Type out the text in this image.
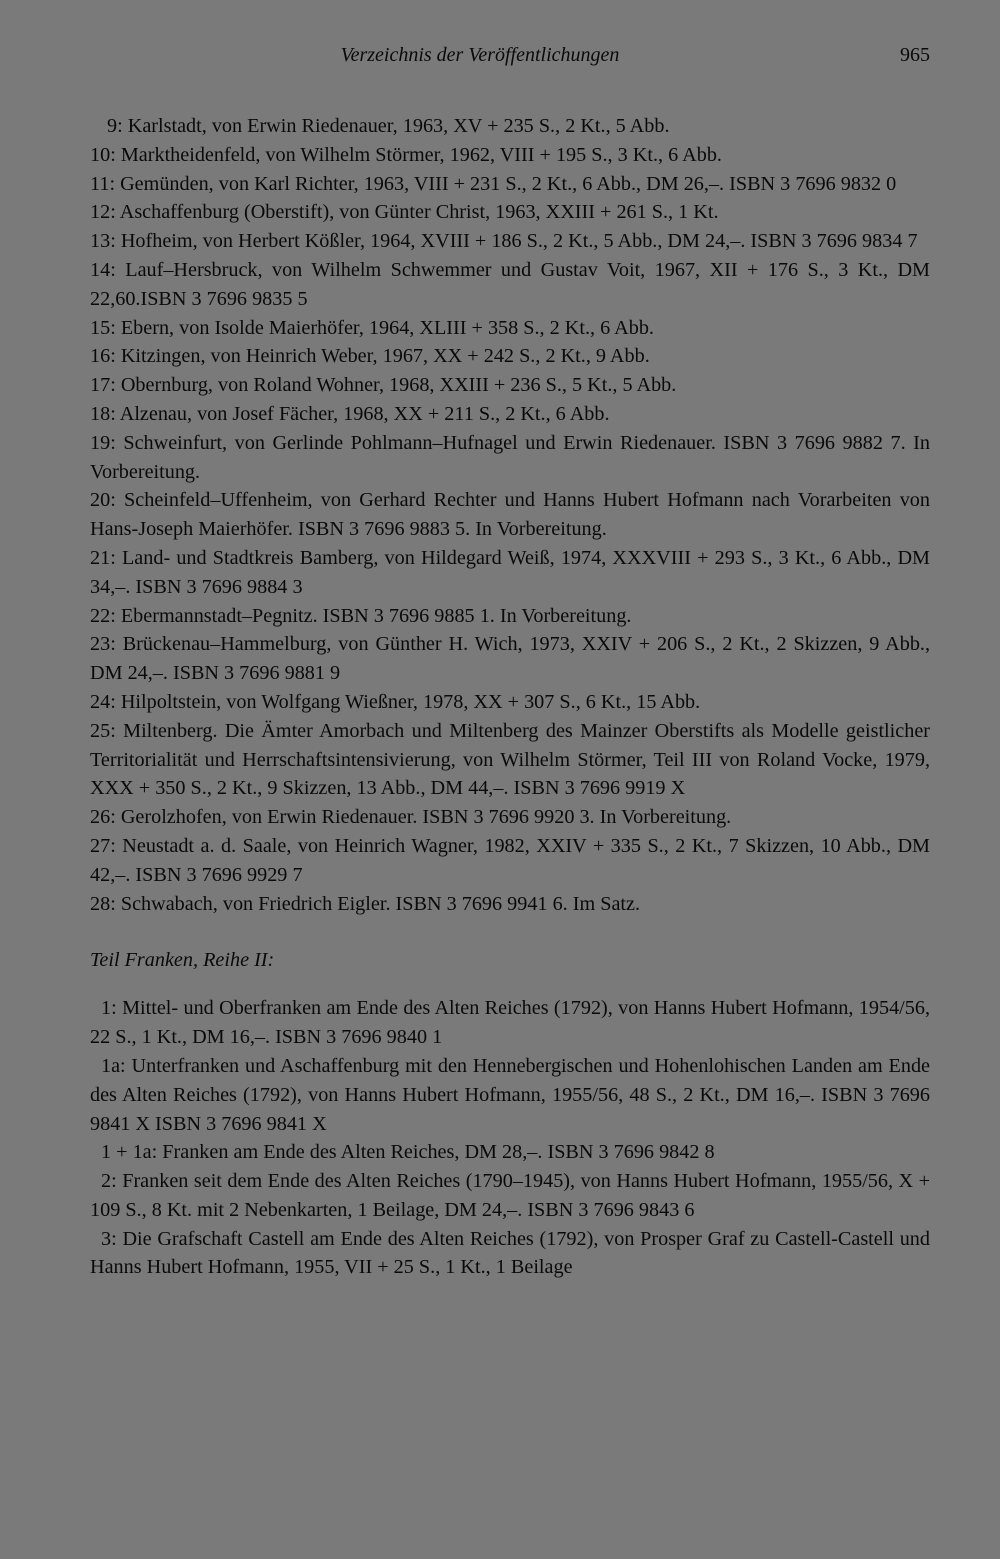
Verzeichnis der Veröffentlichungen	965

9: Karlstadt, von Erwin Riedenauer, 1963, XV + 235 S., 2 Kt., 5 Abb.

10: Marktheidenfeld, von Wilhelm Störmer, 1962, VIII + 195 S., 3 Kt., 6 Abb.

11: Gemünden, von Karl Richter, 1963, VIII + 231 S., 2 Kt., 6 Abb., DM 26,–. ISBN 3 7696 9832 0

12: Aschaffenburg (Oberstift), von Günter Christ, 1963, XXIII + 261 S., 1 Kt.

13: Hofheim, von Herbert Kößler, 1964, XVIII + 186 S., 2 Kt., 5 Abb., DM 24,–. ISBN 3 7696 9834 7

14: Lauf–Hersbruck, von Wilhelm Schwemmer und Gustav Voit, 1967, XII + 176 S., 3 Kt., DM 22,60.ISBN 3 7696 9835 5

15: Ebern, von Isolde Maierhöfer, 1964, XLIII + 358 S., 2 Kt., 6 Abb.

16: Kitzingen, von Heinrich Weber, 1967, XX + 242 S., 2 Kt., 9 Abb.

17: Obernburg, von Roland Wohner, 1968, XXIII + 236 S., 5 Kt., 5 Abb.

18: Alzenau, von Josef Fächer, 1968, XX + 211 S., 2 Kt., 6 Abb.

19: Schweinfurt, von Gerlinde Pohlmann–Hufnagel und Erwin Riedenauer. ISBN 3 7696 9882 7. In Vorbereitung.

20: Scheinfeld–Uffenheim, von Gerhard Rechter und Hanns Hubert Hofmann nach Vorarbeiten von Hans-Joseph Maierhöfer. ISBN 3 7696 9883 5. In Vorbereitung.

21: Land- und Stadtkreis Bamberg, von Hildegard Weiß, 1974, XXXVIII + 293 S., 3 Kt., 6 Abb., DM 34,–. ISBN 3 7696 9884 3

22: Ebermannstadt–Pegnitz. ISBN 3 7696 9885 1. In Vorbereitung.

23: Brückenau–Hammelburg, von Günther H. Wich, 1973, XXIV + 206 S., 2 Kt., 2 Skizzen, 9 Abb., DM 24,–. ISBN 3 7696 9881 9

24: Hilpoltstein, von Wolfgang Wießner, 1978, XX + 307 S., 6 Kt., 15 Abb.

25: Miltenberg. Die Ämter Amorbach und Miltenberg des Mainzer Oberstifts als Modelle geistlicher Territorialität und Herrschaftsintensivierung, von Wilhelm Störmer, Teil III von Roland Vocke, 1979, XXX + 350 S., 2 Kt., 9 Skizzen, 13 Abb., DM 44,–. ISBN 3 7696 9919 X

26: Gerolzhofen, von Erwin Riedenauer. ISBN 3 7696 9920 3. In Vorbereitung.

27: Neustadt a. d. Saale, von Heinrich Wagner, 1982, XXIV + 335 S., 2 Kt., 7 Skizzen, 10 Abb., DM 42,–. ISBN 3 7696 9929 7

28: Schwabach, von Friedrich Eigler. ISBN 3 7696 9941 6. Im Satz.

Teil Franken, Reihe II:

1: Mittel- und Oberfranken am Ende des Alten Reiches (1792), von Hanns Hubert Hofmann, 1954/56, 22 S., 1 Kt., DM 16,–. ISBN 3 7696 9840 1

1a: Unterfranken und Aschaffenburg mit den Hennebergischen und Hohenlohischen Landen am Ende des Alten Reiches (1792), von Hanns Hubert Hofmann, 1955/56, 48 S., 2 Kt., DM 16,–. ISBN 3 7696 9841 X ISBN 3 7696 9841 X

1 + 1a: Franken am Ende des Alten Reiches, DM 28,–. ISBN 3 7696 9842 8

2: Franken seit dem Ende des Alten Reiches (1790–1945), von Hanns Hubert Hofmann, 1955/56, X + 109 S., 8 Kt. mit 2 Nebenkarten, 1 Beilage, DM 24,–. ISBN 3 7696 9843 6

3: Die Grafschaft Castell am Ende des Alten Reiches (1792), von Prosper Graf zu Castell-Castell und Hanns Hubert Hofmann, 1955, VII + 25 S., 1 Kt., 1 Beilage
